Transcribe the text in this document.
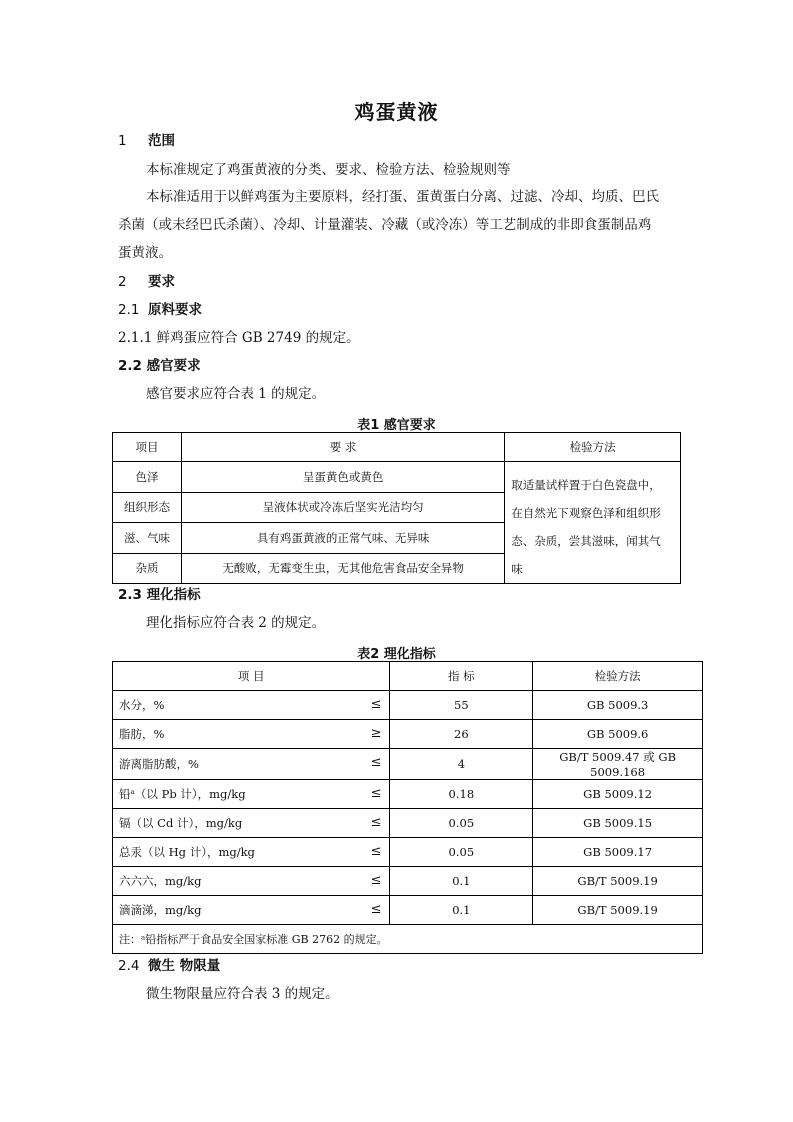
鸡蛋黄液
1 范围
本标准规定了鸡蛋黄液的分类、要求、检验方法、检验规则等
本标准适用于以鲜鸡蛋为主要原料，经打蛋、蛋黄蛋白分离、过滤、冷却、均质、巴氏
杀菌（或未经巴氏杀菌）、冷却、计量灌装、冷藏（或冷冻）等工艺制成的非即食蛋制品鸡
蛋黄液。
2 要求
2.1 原料要求
2.1.1 鲜鸡蛋应符合 GB 2749 的规定。
2.2 感官要求
感官要求应符合表 1 的规定。
表1 感官要求
项目	要 求	检验方法
色泽	呈蛋黄色或黄色	取适量试样置于白色瓷盘中，
在自然光下观察色泽和组织形
态、杂质，尝其滋味，闻其气
味

组织形态	呈液体状或冷冻后坚实光洁均匀	
滋、气味	具有鸡蛋黄液的正常气味、无异味	
杂质	无酸败，无霉变生虫，无其他危害食品安全异物	
2.3 理化指标
理化指标应符合表 2 的规定。
表2 理化指标
项 目	指 标	检验方法
水分，% ≤	55	GB 5009.3
脂肪，% ≥	26	GB 5009.6
游离脂肪酸，% ≤	4	GB/T 5009.47 或 GB 5009.168
铅ᵃ（以 Pb 计），mg/kg ≤	0.18	GB 5009.12
镉（以 Cd 计），mg/kg ≤	0.05	GB 5009.15
总汞（以 Hg 计），mg/kg ≤	0.05	GB 5009.17
六六六，mg/kg ≤	0.1	GB/T 5009.19
滴滴涕，mg/kg ≤	0.1	GB/T 5009.19
注：ᵃ铅指标严于食品安全国家标准 GB 2762 的规定。		
2.4 微生 物限量
微生物限量应符合表 3 的规定。
